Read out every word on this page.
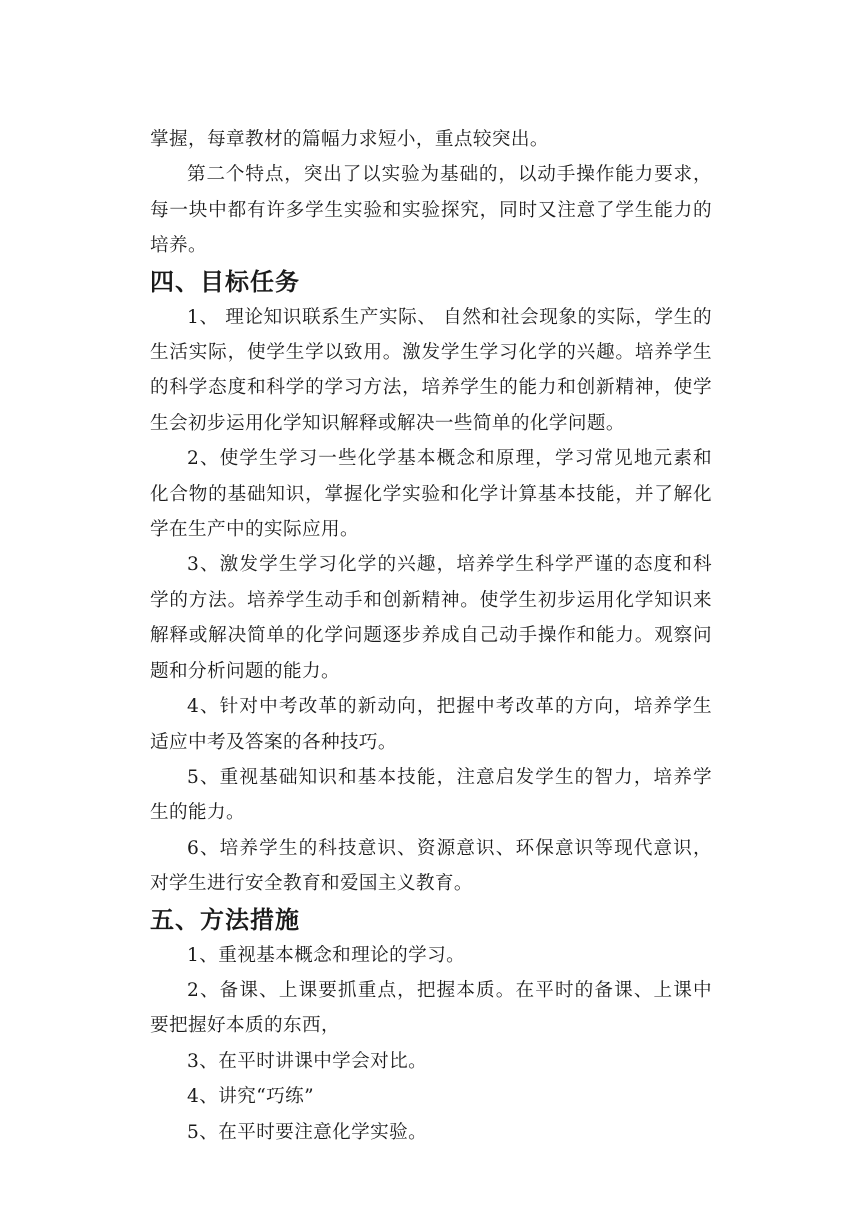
掌握，每章教材的篇幅力求短小，重点较突出。

第二个特点，突出了以实验为基础的，以动手操作能力要求，每一块中都有许多学生实验和实验探究，同时又注意了学生能力的培养。

四、目标任务

1、 理论知识联系生产实际、 自然和社会现象的实际，学生的生活实际，使学生学以致用。激发学生学习化学的兴趣。培养学生的科学态度和科学的学习方法，培养学生的能力和创新精神，使学生会初步运用化学知识解释或解决一些简单的化学问题。

2、使学生学习一些化学基本概念和原理，学习常见地元素和化合物的基础知识，掌握化学实验和化学计算基本技能，并了解化学在生产中的实际应用。

3、激发学生学习化学的兴趣，培养学生科学严谨的态度和科学的方法。培养学生动手和创新精神。使学生初步运用化学知识来解释或解决简单的化学问题逐步养成自己动手操作和能力。观察问题和分析问题的能力。

4、针对中考改革的新动向，把握中考改革的方向，培养学生适应中考及答案的各种技巧。

5、重视基础知识和基本技能，注意启发学生的智力，培养学生的能力。

6、培养学生的科技意识、资源意识、环保意识等现代意识，对学生进行安全教育和爱国主义教育。

五、方法措施

1、重视基本概念和理论的学习。

2、备课、上课要抓重点，把握本质。在平时的备课、上课中要把握好本质的东西，

3、在平时讲课中学会对比。

4、讲究“巧练”

5、在平时要注意化学实验。
